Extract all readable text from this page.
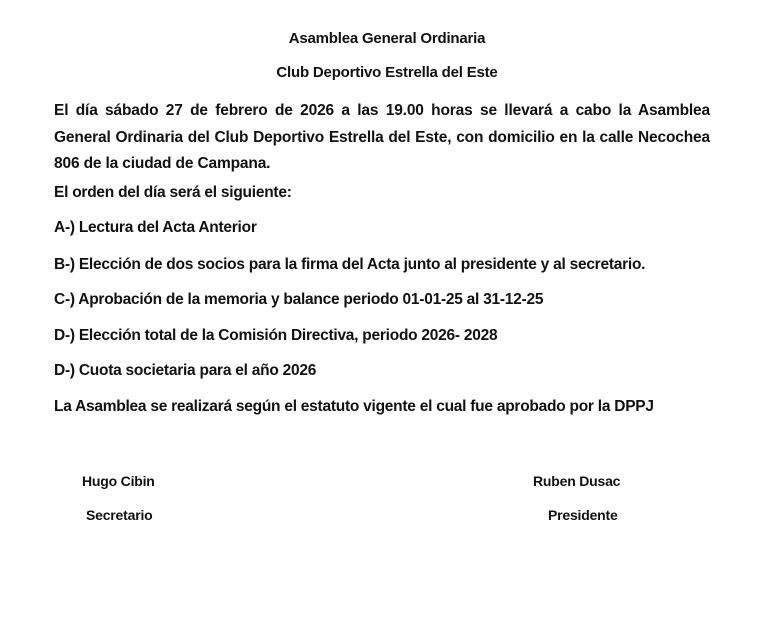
Asamblea General Ordinaria
Club Deportivo Estrella del Este
El día sábado 27 de febrero de 2026 a las 19.00 horas se llevará a cabo la Asamblea General Ordinaria del Club Deportivo Estrella del Este, con domicilio en la calle Necochea 806 de la ciudad de Campana.
El orden del día será el siguiente:
A-) Lectura del Acta Anterior
B-) Elección de dos socios para la firma del Acta junto al presidente y al secretario.
C-) Aprobación de la memoria y balance periodo 01-01-25 al 31-12-25
D-) Elección total de la Comisión Directiva, periodo 2026- 2028
D-) Cuota societaria para el año 2026
La Asamblea se realizará según el estatuto vigente el cual fue aprobado por la DPPJ
Hugo Cibin
Secretario
Ruben Dusac
Presidente
